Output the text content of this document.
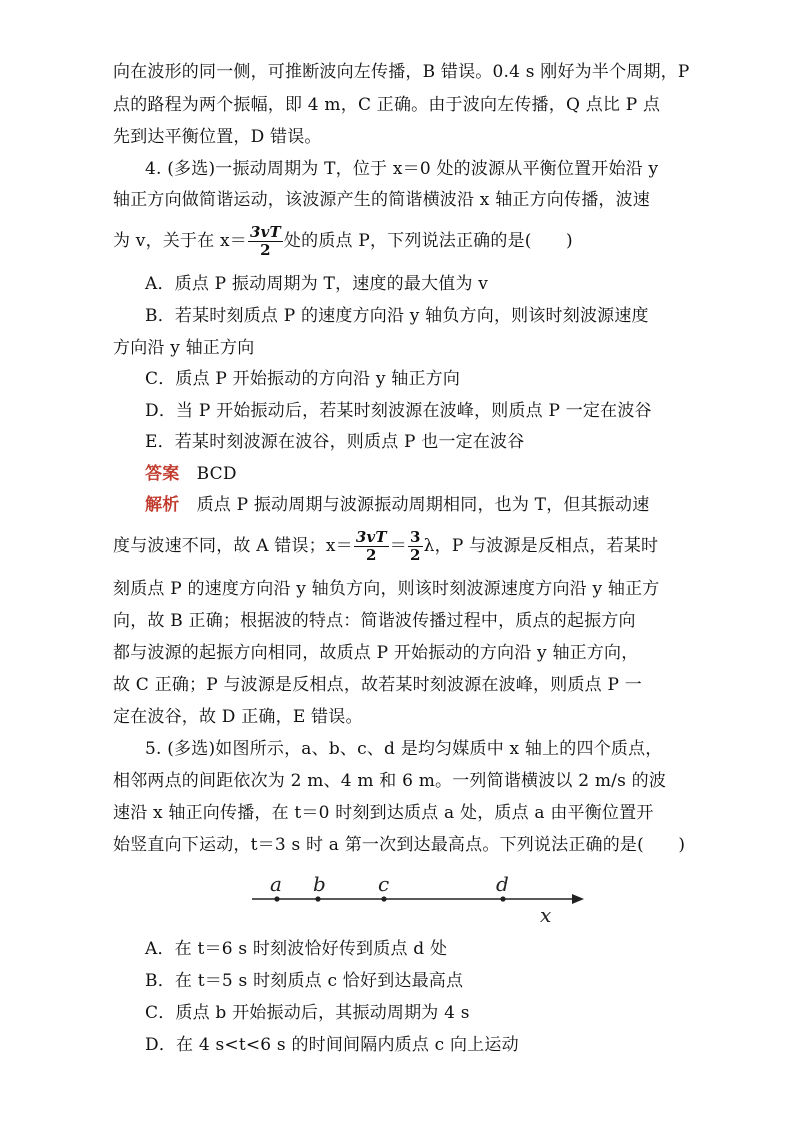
向在波形的同一侧，可推断波向左传播，B 错误。0.4 s 刚好为半个周期，P
点的路程为两个振幅，即 4 m，C 正确。由于波向左传播，Q 点比 P 点
先到达平衡位置，D 错误。
4. (多选)一振动周期为 T，位于 x＝0 处的波源从平衡位置开始沿 y
轴正方向做简谐运动，该波源产生的简谐横波沿 x 轴正方向传播，波速
为 v，关于在 $x= \frac{3vT}{2}$ 处的质点 P，下列说法正确的是(　　)
A．质点 P 振动周期为 T，速度的最大值为 v
B．若某时刻质点 P 的速度方向沿 y 轴负方向，则该时刻波源速度
方向沿 y 轴正方向
C．质点 P 开始振动的方向沿 y 轴正方向
D．当 P 开始振动后，若某时刻波源在波峰，则质点 P 一定在波谷
E．若某时刻波源在波谷，则质点 P 也一定在波谷
答案　 BCD
解析　 质点 P 振动周期与波源振动周期相同，也为 T，但其振动速
度与波速不同，故 A 错误；$x= \frac{3vT}{2} = \frac{3}{2}$ λ，P 与波源是反相点，若某时
刻质点 P 的速度方向沿 y 轴负方向，则该时刻波源速度方向沿 y 轴正方
向，故 B 正确；根据波的特点：简谐波传播过程中，质点的起振方向
都与波源的起振方向相同，故质点 P 开始振动的方向沿 y 轴正方向，
故 C 正确；P 与波源是反相点，故若某时刻波源在波峰，则质点 P 一
定在波谷，故 D 正确，E 错误。
5. (多选)如图所示，a、b、c、d 是均匀媒质中 x 轴上的四个质点，
相邻两点的间距依次为 2 m、4 m 和 6 m。一列简谐横波以 2 m/s 的波
速沿 x 轴正向传播，在 t＝0 时刻到达质点 a 处，质点 a 由平衡位置开
始竖直向下运动，t＝3 s 时 a 第一次到达最高点。下列说法正确的是(　　)
a b	c	d
x
A．在 t＝6 s 时刻波恰好传到质点 d 处
B．在 t＝5 s 时刻质点 c 恰好到达最高点
C．质点 b 开始振动后，其振动周期为 4 s
D．在 4 s<t<6 s 的时间间隔内质点 c 向上运动
